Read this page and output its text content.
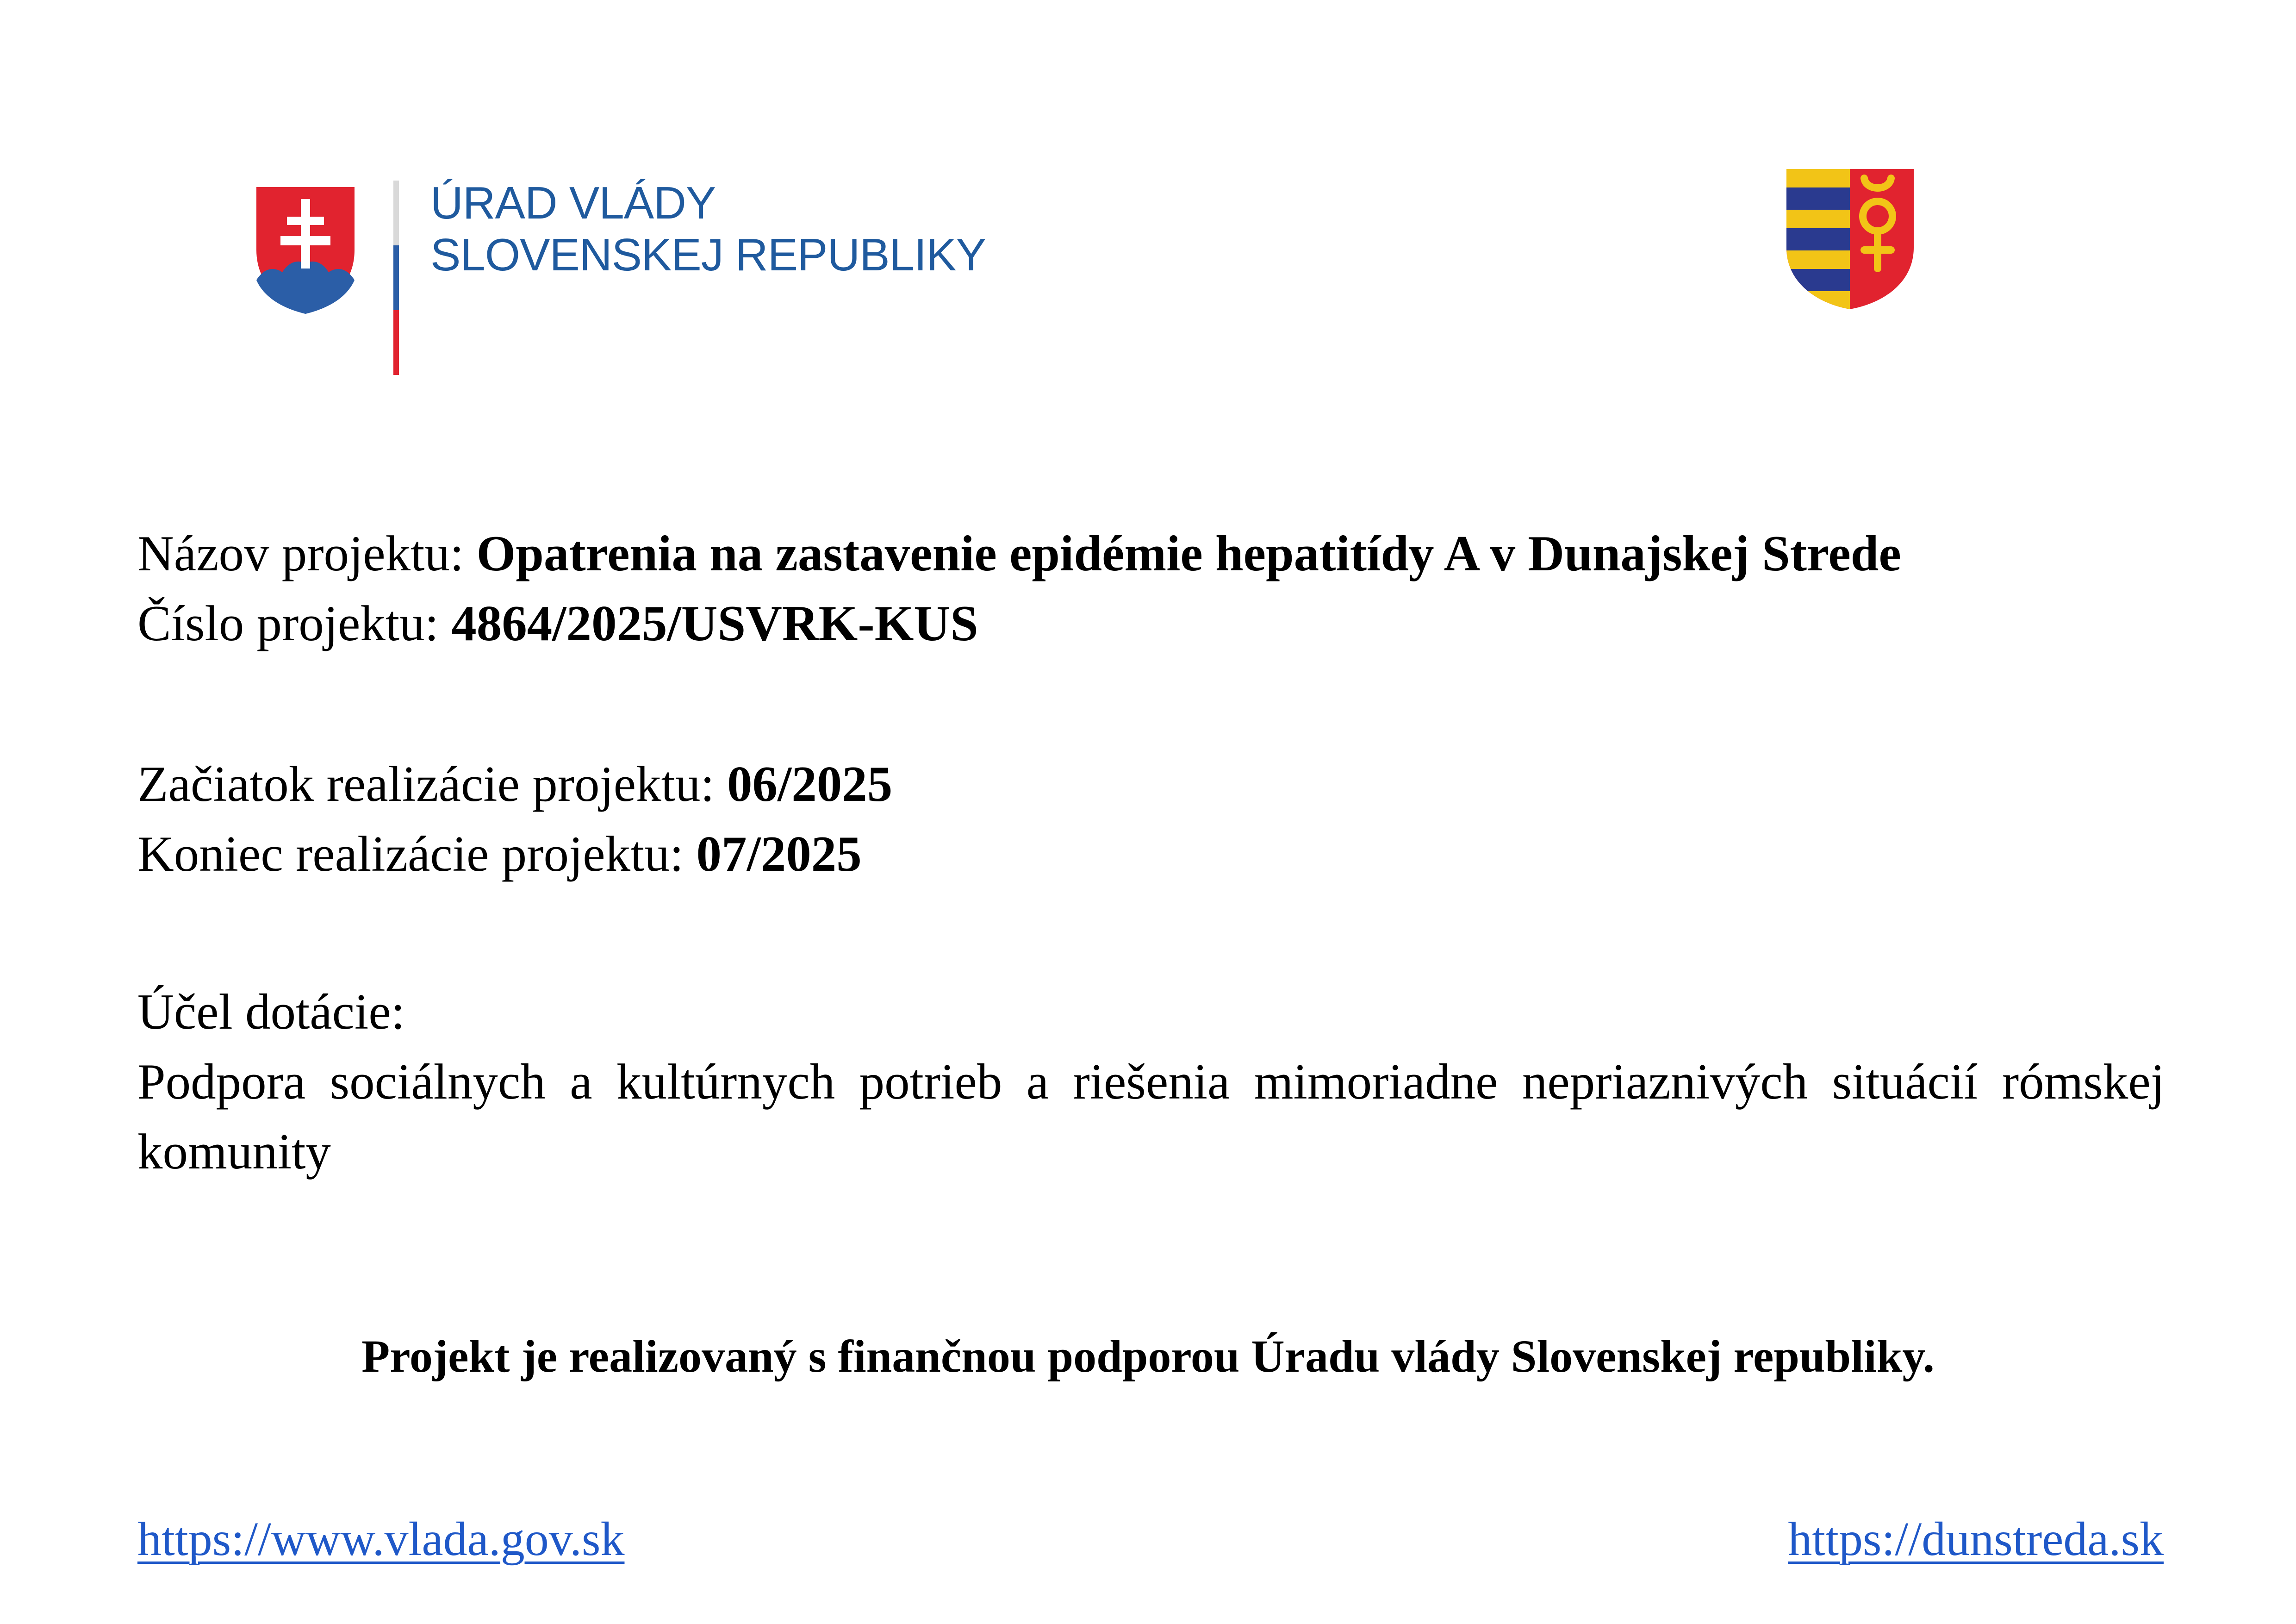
ÚRAD VLÁDY
SLOVENSKEJ REPUBLIKY

Názov projektu: Opatrenia na zastavenie epidémie hepatitídy A v Dunajskej Strede

Číslo projektu: 4864/2025/USVRK-KUS

Začiatok realizácie projektu: 06/2025

Koniec realizácie projektu: 07/2025

Účel dotácie:

Podpora sociálnych a kultúrnych potrieb a riešenia mimoriadne nepriaznivých situácií rómskej komunity

Projekt je realizovaný s finančnou podporou Úradu vlády Slovenskej republiky.
https://www.vlada.gov.sk	https://dunstreda.sk
